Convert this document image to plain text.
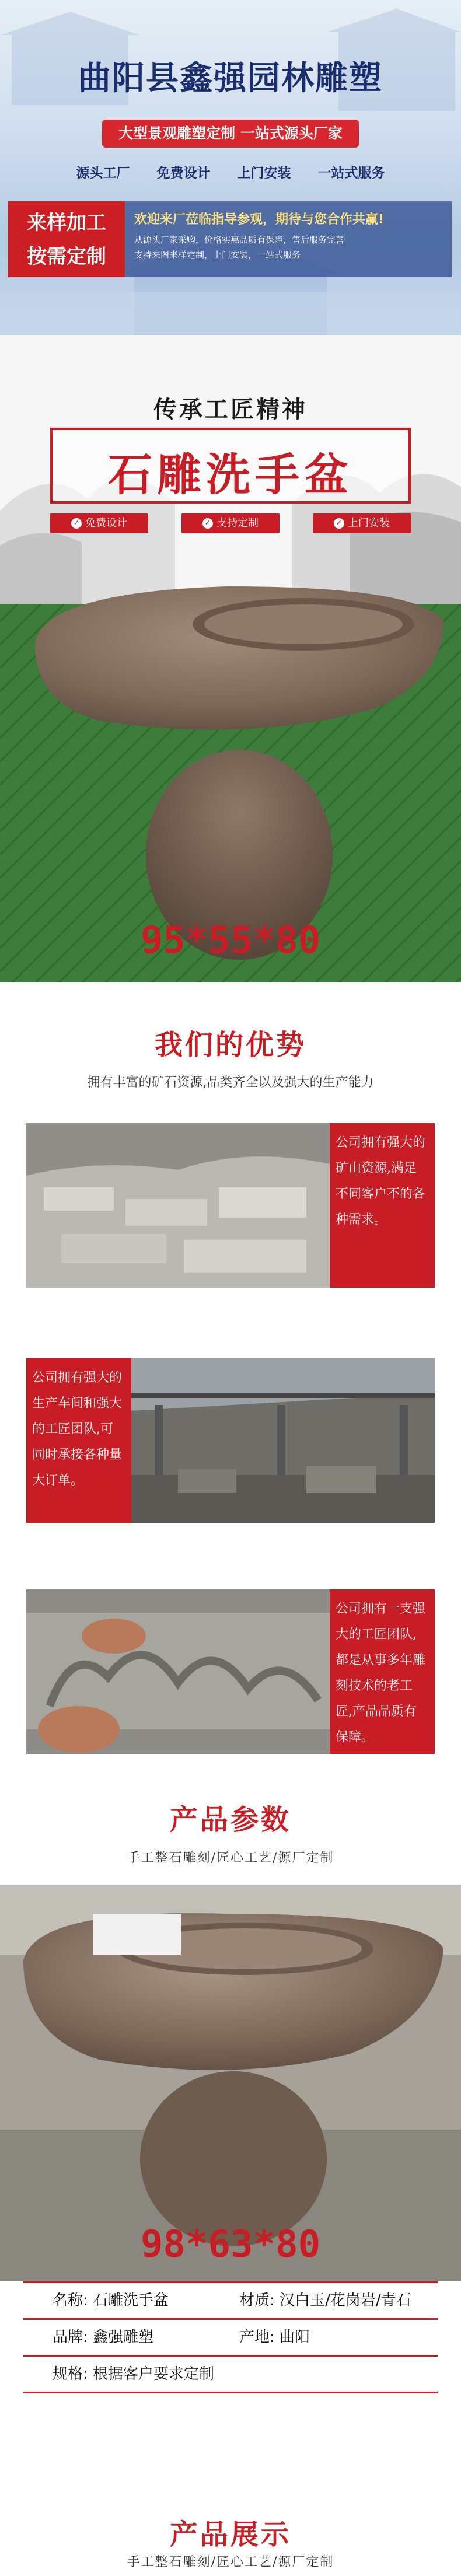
曲阳县鑫强园林雕塑
大型景观雕塑定制 一站式源头厂家
源头工厂 免费设计 上门安装 一站式服务
来样加工
按需定制
欢迎来厂莅临指导参观，期待与您合作共赢!
从源头厂家采购，价格实惠品质有保障，售后服务完善
支持来图来样定制，上门安装，一站式服务
传承工匠精神
石雕洗手盆
✓ 免费设计	✓ 支持定制	✓ 上门安装
95*55*80
我们的优势
拥有丰富的矿石资源,品类齐全以及强大的生产能力
公司拥有强大的矿山资源,满足不同客户不的各种需求。
公司拥有强大的生产车间和强大的工匠团队,可同时承接各种量大订单。
公司拥有一支强大的工匠团队,都是从事多年雕刻技术的老工匠,产品品质有保障。
产品参数
手工整石雕刻/匠心工艺/源厂定制
98*63*80
名称: 石雕洗手盆	材质: 汉白玉/花岗岩/青石
品牌: 鑫强雕塑	产地: 曲阳
规格: 根据客户要求定制
产品展示
手工整石雕刻/匠心工艺/源厂定制
